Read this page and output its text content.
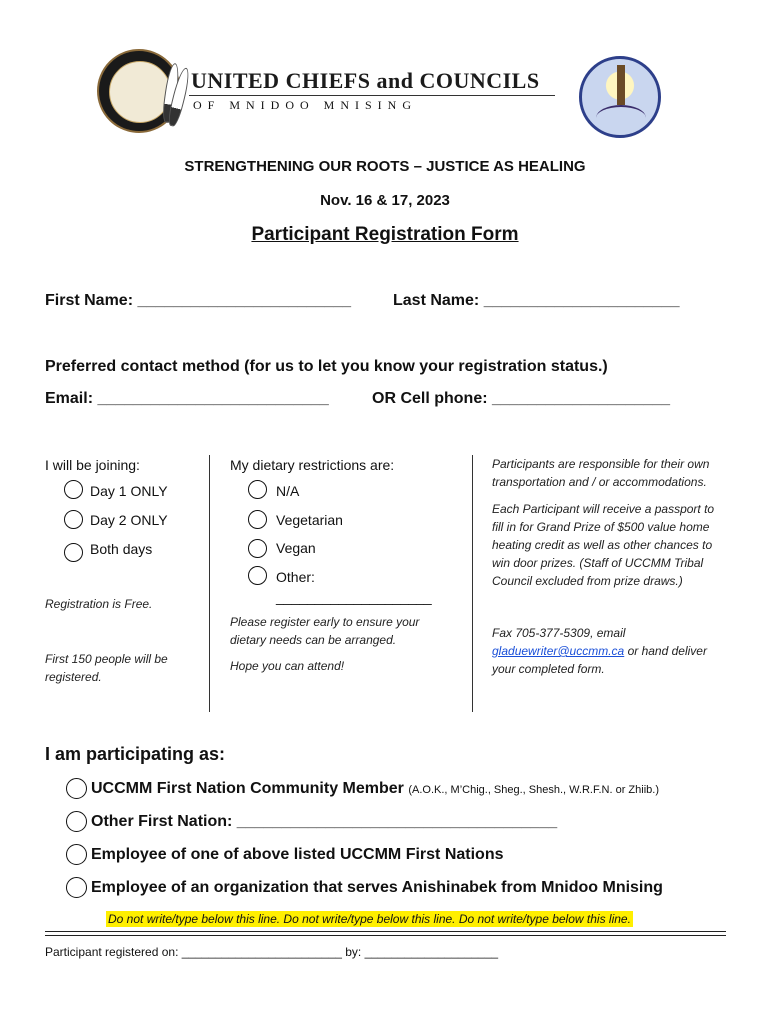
UNITED CHIEFS and COUNCILS
OF MNIDOO MNISING
STRENGTHENING OUR ROOTS – JUSTICE AS HEALING
Nov. 16 & 17, 2023
Participant Registration Form
First Name: ________________________	Last Name: ______________________
Preferred contact method (for us to let you know your registration status.)
Email: __________________________	OR Cell phone: ____________________
I will be joining:
Day 1 ONLY
Day 2 ONLY
Both days
Registration is Free.
First 150 people will be registered.
My dietary restrictions are:
N/A
Vegetarian
Vegan
Other:
____________________
Please register early to ensure your dietary needs can be arranged.
Hope you can attend!
Participants are responsible for their own transportation and / or accommodations.
Each Participant will receive a passport to fill in for Grand Prize of $500 value home heating credit as well as other chances to win door prizes. (Staff of UCCMM Tribal Council excluded from prize draws.)
Fax 705-377-5309, email
gladuewriter@uccmm.ca or hand deliver
your completed form.
I am participating as:
UCCMM First Nation Community Member (A.O.K., M’Chig., Sheg., Shesh., W.R.F.N. or Zhiib.)
Other First Nation: ____________________________________
Employee of one of above listed UCCMM First Nations
Employee of an organization that serves Anishinabek from Mnidoo Mnising
Do not write/type below this line. Do not write/type below this line. Do not write/type below this line.
Participant registered on: ________________________ by: ____________________
